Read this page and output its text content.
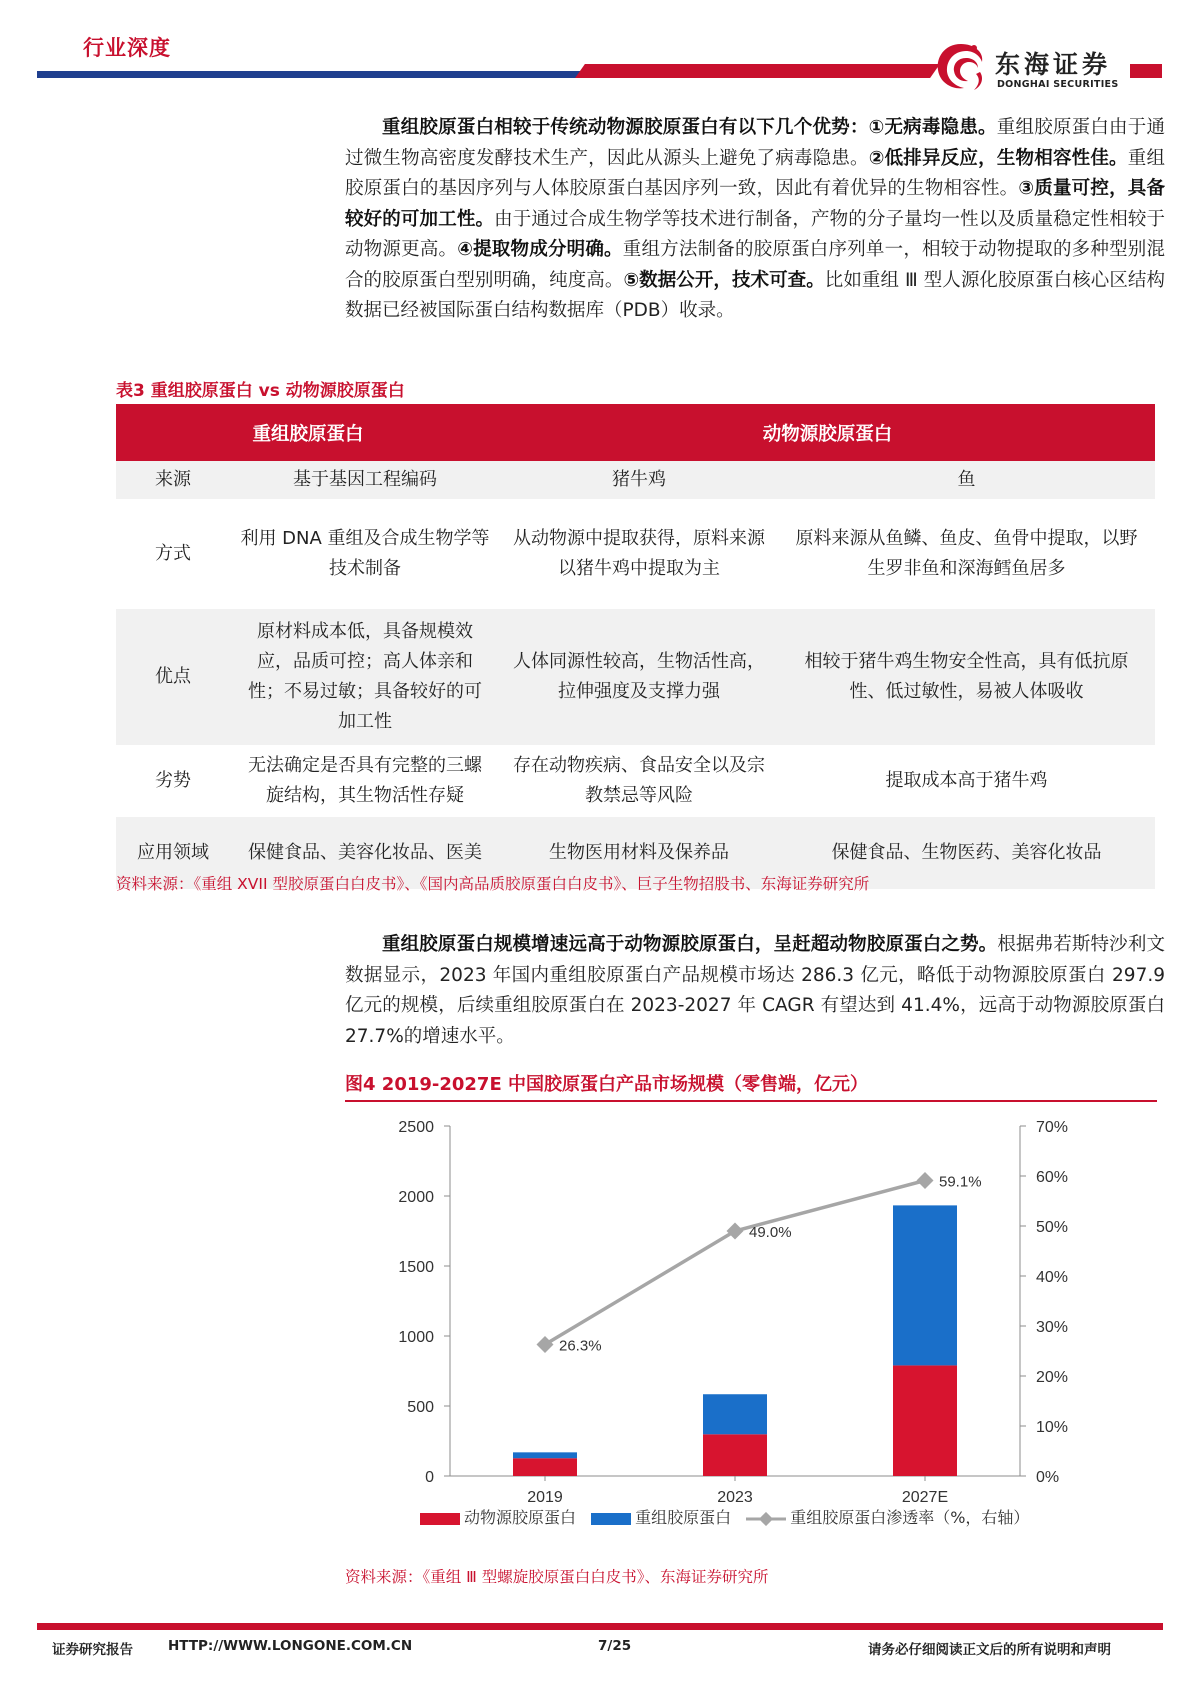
行业深度
东海证券
DONGHAI SECURITIES
重组胶原蛋白相较于传统动物源胶原蛋白有以下几个优势：①无病毒隐患。重组胶原蛋白由于通过微生物高密度发酵技术生产，因此从源头上避免了病毒隐患。②低排异反应，生物相容性佳。重组胶原蛋白的基因序列与人体胶原蛋白基因序列一致，因此有着优异的生物相容性。③质量可控，具备较好的可加工性。由于通过合成生物学等技术进行制备，产物的分子量均一性以及质量稳定性相较于动物源更高。④提取物成分明确。重组方法制备的胶原蛋白序列单一，相较于动物提取的多种型别混合的胶原蛋白型别明确，纯度高。⑤数据公开，技术可查。比如重组 Ⅲ 型人源化胶原蛋白核心区结构数据已经被国际蛋白结构数据库（PDB）收录。
表3 重组胶原蛋白 vs 动物源胶原蛋白
重组胶原蛋白		动物源胶原蛋白	
来源	基于基因工程编码	猪牛鸡	鱼
方式	利用 DNA 重组及合成生物学等技术制备	从动物源中提取获得，原料来源以猪牛鸡中提取为主	原料来源从鱼鳞、鱼皮、鱼骨中提取，以野生罗非鱼和深海鳕鱼居多
优点	原材料成本低，具备规模效应，品质可控；高人体亲和性；不易过敏；具备较好的可加工性	人体同源性较高，生物活性高，拉伸强度及支撑力强	相较于猪牛鸡生物安全性高，具有低抗原性、低过敏性，易被人体吸收
劣势	无法确定是否具有完整的三螺旋结构，其生物活性存疑	存在动物疾病、食品安全以及宗教禁忌等风险	提取成本高于猪牛鸡
应用领域	保健食品、美容化妆品、医美	生物医用材料及保养品	保健食品、生物医药、美容化妆品
资料来源：《重组 XVII 型胶原蛋白白皮书》、《国内高品质胶原蛋白白皮书》、巨子生物招股书、东海证券研究所
重组胶原蛋白规模增速远高于动物源胶原蛋白，呈赶超动物胶原蛋白之势。根据弗若斯特沙利文数据显示，2023 年国内重组胶原蛋白产品规模市场达 286.3 亿元，略低于动物源胶原蛋白 297.9 亿元的规模，后续重组胶原蛋白在 2023-2027 年 CAGR 有望达到 41.4%，远高于动物源胶原蛋白 27.7%的增速水平。
图4 2019-2027E 中国胶原蛋白产品市场规模（零售端，亿元）
0
500
1000
1500
2000
2500
0%
10%
20%
30%
40%
50%
60%
70%
2019	2023	2027E
26.3%
49.0%
59.1%
动物源胶原蛋白	重组胶原蛋白	重组胶原蛋白渗透率（%，右轴）
资料来源：《重组 Ⅲ 型螺旋胶原蛋白白皮书》、东海证券研究所
证券研究报告	HTTP://WWW.LONGONE.COM.CN	7/25	请务必仔细阅读正文后的所有说明和声明
